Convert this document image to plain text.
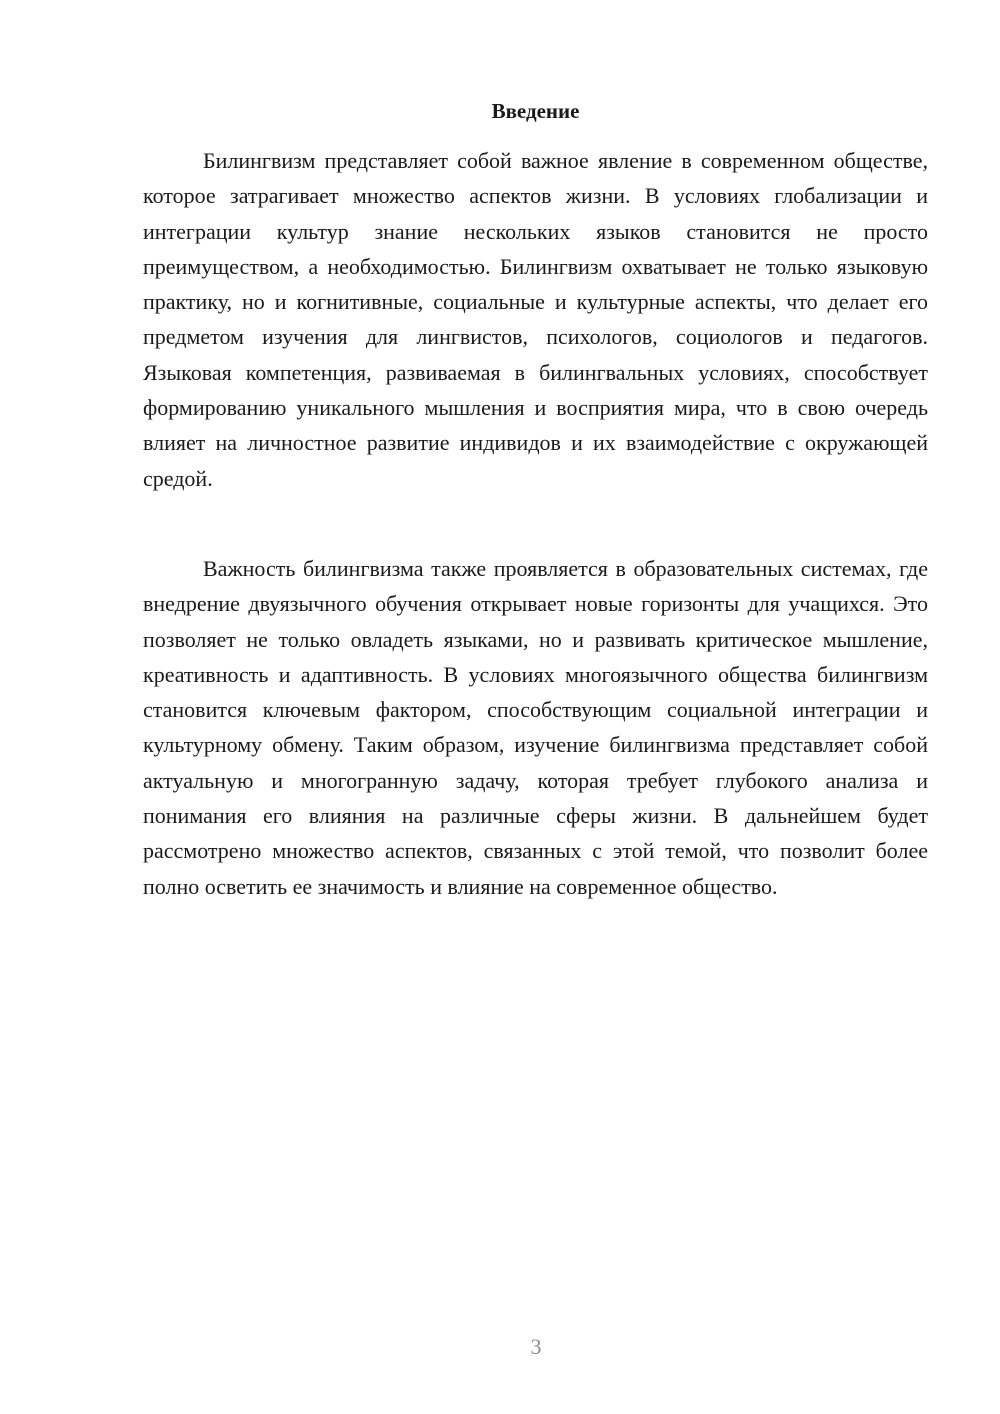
Введение

Билингвизм представляет собой важное явление в современном обществе, которое затрагивает множество аспектов жизни. В условиях глобализации и интеграции культур знание нескольких языков становится не просто преимуществом, а необходимостью. Билингвизм охватывает не только языковую практику, но и когнитивные, социальные и культурные аспекты, что делает его предметом изучения для лингвистов, психологов, социологов и педагогов. Языковая компетенция, развиваемая в билингвальных условиях, способствует формированию уникального мышления и восприятия мира, что в свою очередь влияет на личностное развитие индивидов и их взаимодействие с окружающей средой.

Важность билингвизма также проявляется в образовательных системах, где внедрение двуязычного обучения открывает новые горизонты для учащихся. Это позволяет не только овладеть языками, но и развивать критическое мышление, креативность и адаптивность. В условиях многоязычного общества билингвизм становится ключевым фактором, способствующим социальной интеграции и культурному обмену. Таким образом, изучение билингвизма представляет собой актуальную и многогранную задачу, которая требует глубокого анализа и понимания его влияния на различные сферы жизни. В дальнейшем будет рассмотрено множество аспектов, связанных с этой темой, что позволит более полно осветить ее значимость и влияние на современное общество.

3
